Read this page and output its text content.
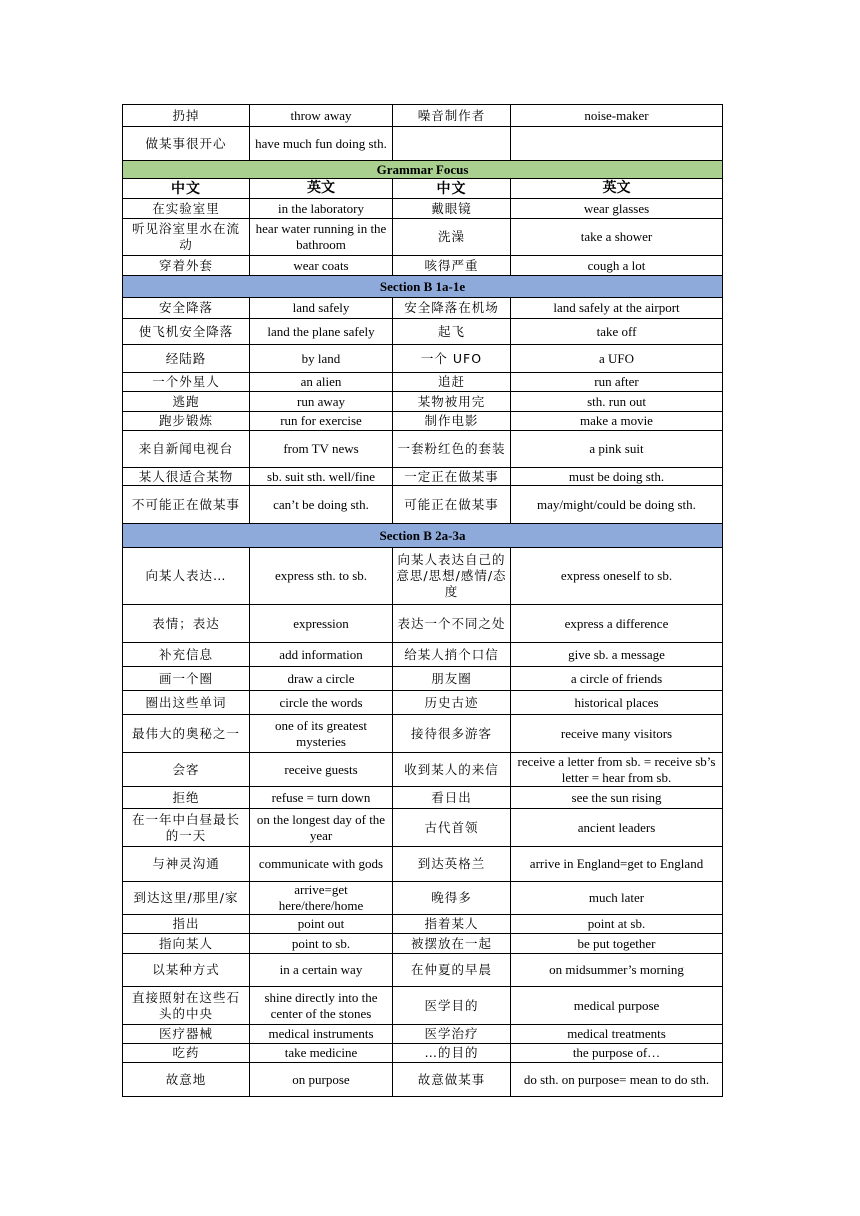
扔掉	throw away	噪音制作者	noise-maker
做某事很开心	have much fun doing sth.		
Grammar Focus			
中文	英文	中文	英文
在实验室里	in the laboratory	戴眼镜	wear glasses
听见浴室里水在流动	hear water running in the bathroom	洗澡	take a shower
穿着外套	wear coats	咳得严重	cough a lot
Section B 1a-1e			
安全降落	land safely	安全降落在机场	land safely at the airport
使飞机安全降落	land the plane safely	起飞	take off
经陆路	by land	一个 UFO	a UFO
一个外星人	an alien	追赶	run after
逃跑	run away	某物被用完	sth. run out
跑步锻炼	run for exercise	制作电影	make a movie
来自新闻电视台	from TV news	一套粉红色的套装	a pink suit
某人很适合某物	sb. suit sth. well/fine	一定正在做某事	must be doing sth.
不可能正在做某事	can’t be doing sth.	可能正在做某事	may/might/could be doing sth.
Section B 2a-3a			
向某人表达…	express sth. to sb.	向某人表达自己的意思/思想/感情/态度	express oneself to sb.
表情；表达	expression	表达一个不同之处	express a difference
补充信息	add information	给某人捎个口信	give sb. a message
画一个圈	draw a circle	朋友圈	a circle of friends
圈出这些单词	circle the words	历史古迹	historical places
最伟大的奥秘之一	one of its greatest mysteries	接待很多游客	receive many visitors
会客	receive guests	收到某人的来信	receive a letter from sb. = receive sb’s letter = hear from sb.
拒绝	refuse = turn down	看日出	see the sun rising
在一年中白昼最长的一天	on the longest day of the year	古代首领	ancient leaders
与神灵沟通	communicate with gods	到达英格兰	arrive in England=get to England
到达这里/那里/家	arrive=get here/there/home	晚得多	much later
指出	point out	指着某人	point at sb.
指向某人	point to sb.	被摆放在一起	be put together
以某种方式	in a certain way	在仲夏的早晨	on midsummer’s morning
直接照射在这些石头的中央	shine directly into the center of the stones	医学目的	medical purpose
医疗器械	medical instruments	医学治疗	medical treatments
吃药	take medicine	…的目的	the purpose of…
故意地	on purpose	故意做某事	do sth. on purpose= mean to do sth.
